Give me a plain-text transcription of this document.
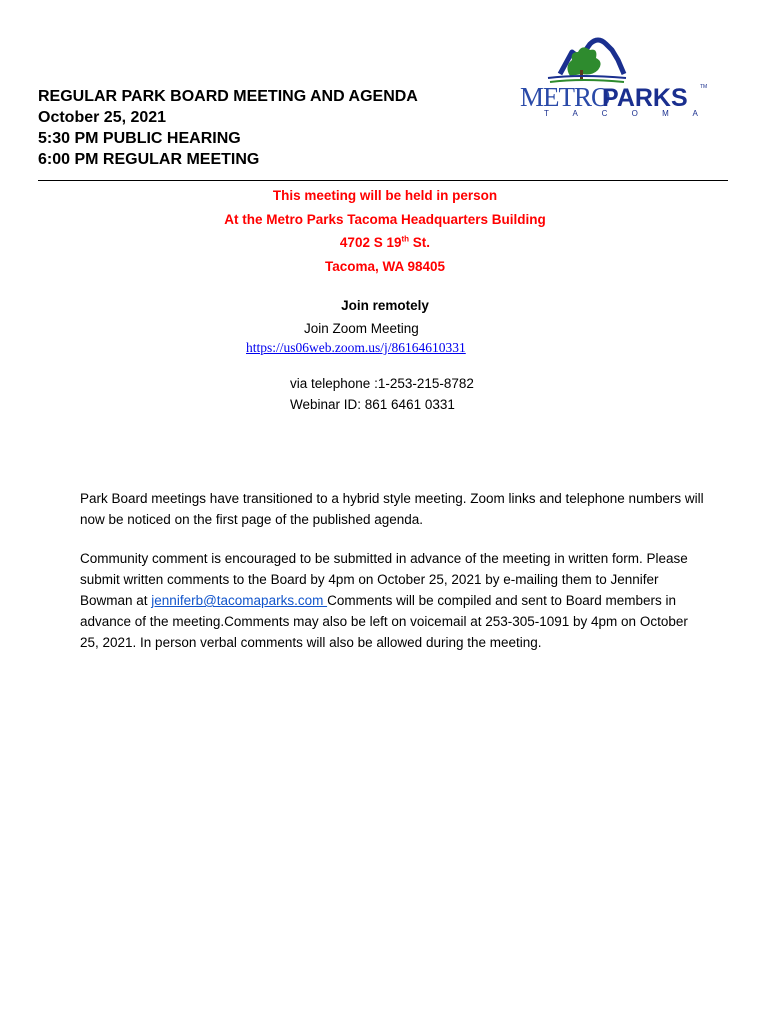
REGULAR PARK BOARD MEETING AND AGENDA
October 25, 2021
5:30 PM PUBLIC HEARING
6:00 PM REGULAR MEETING
METRO
PARKS TM
T A C O M A
This meeting will be held in person
At the Metro Parks Tacoma Headquarters Building
4702 S 19th St.
Tacoma, WA 98405
Join remotely
Join Zoom Meeting
https://us06web.zoom.us/j/86164610331
via telephone :1-253-215-8782
Webinar ID: 861 6461 0331
Park Board meetings have transitioned to a hybrid style meeting. Zoom links and telephone numbers will now be noticed on the first page of the published agenda.
Community comment is encouraged to be submitted in advance of the meeting in written form. Please submit written comments to the Board by 4pm on October 25, 2021 by e-mailing them to Jennifer Bowman at jenniferb@tacomaparks.com Comments will be compiled and sent to Board members in advance of the meeting.Comments may also be left on voicemail at 253-305-1091 by 4pm on October 25, 2021. In person verbal comments will also be allowed during the meeting.
